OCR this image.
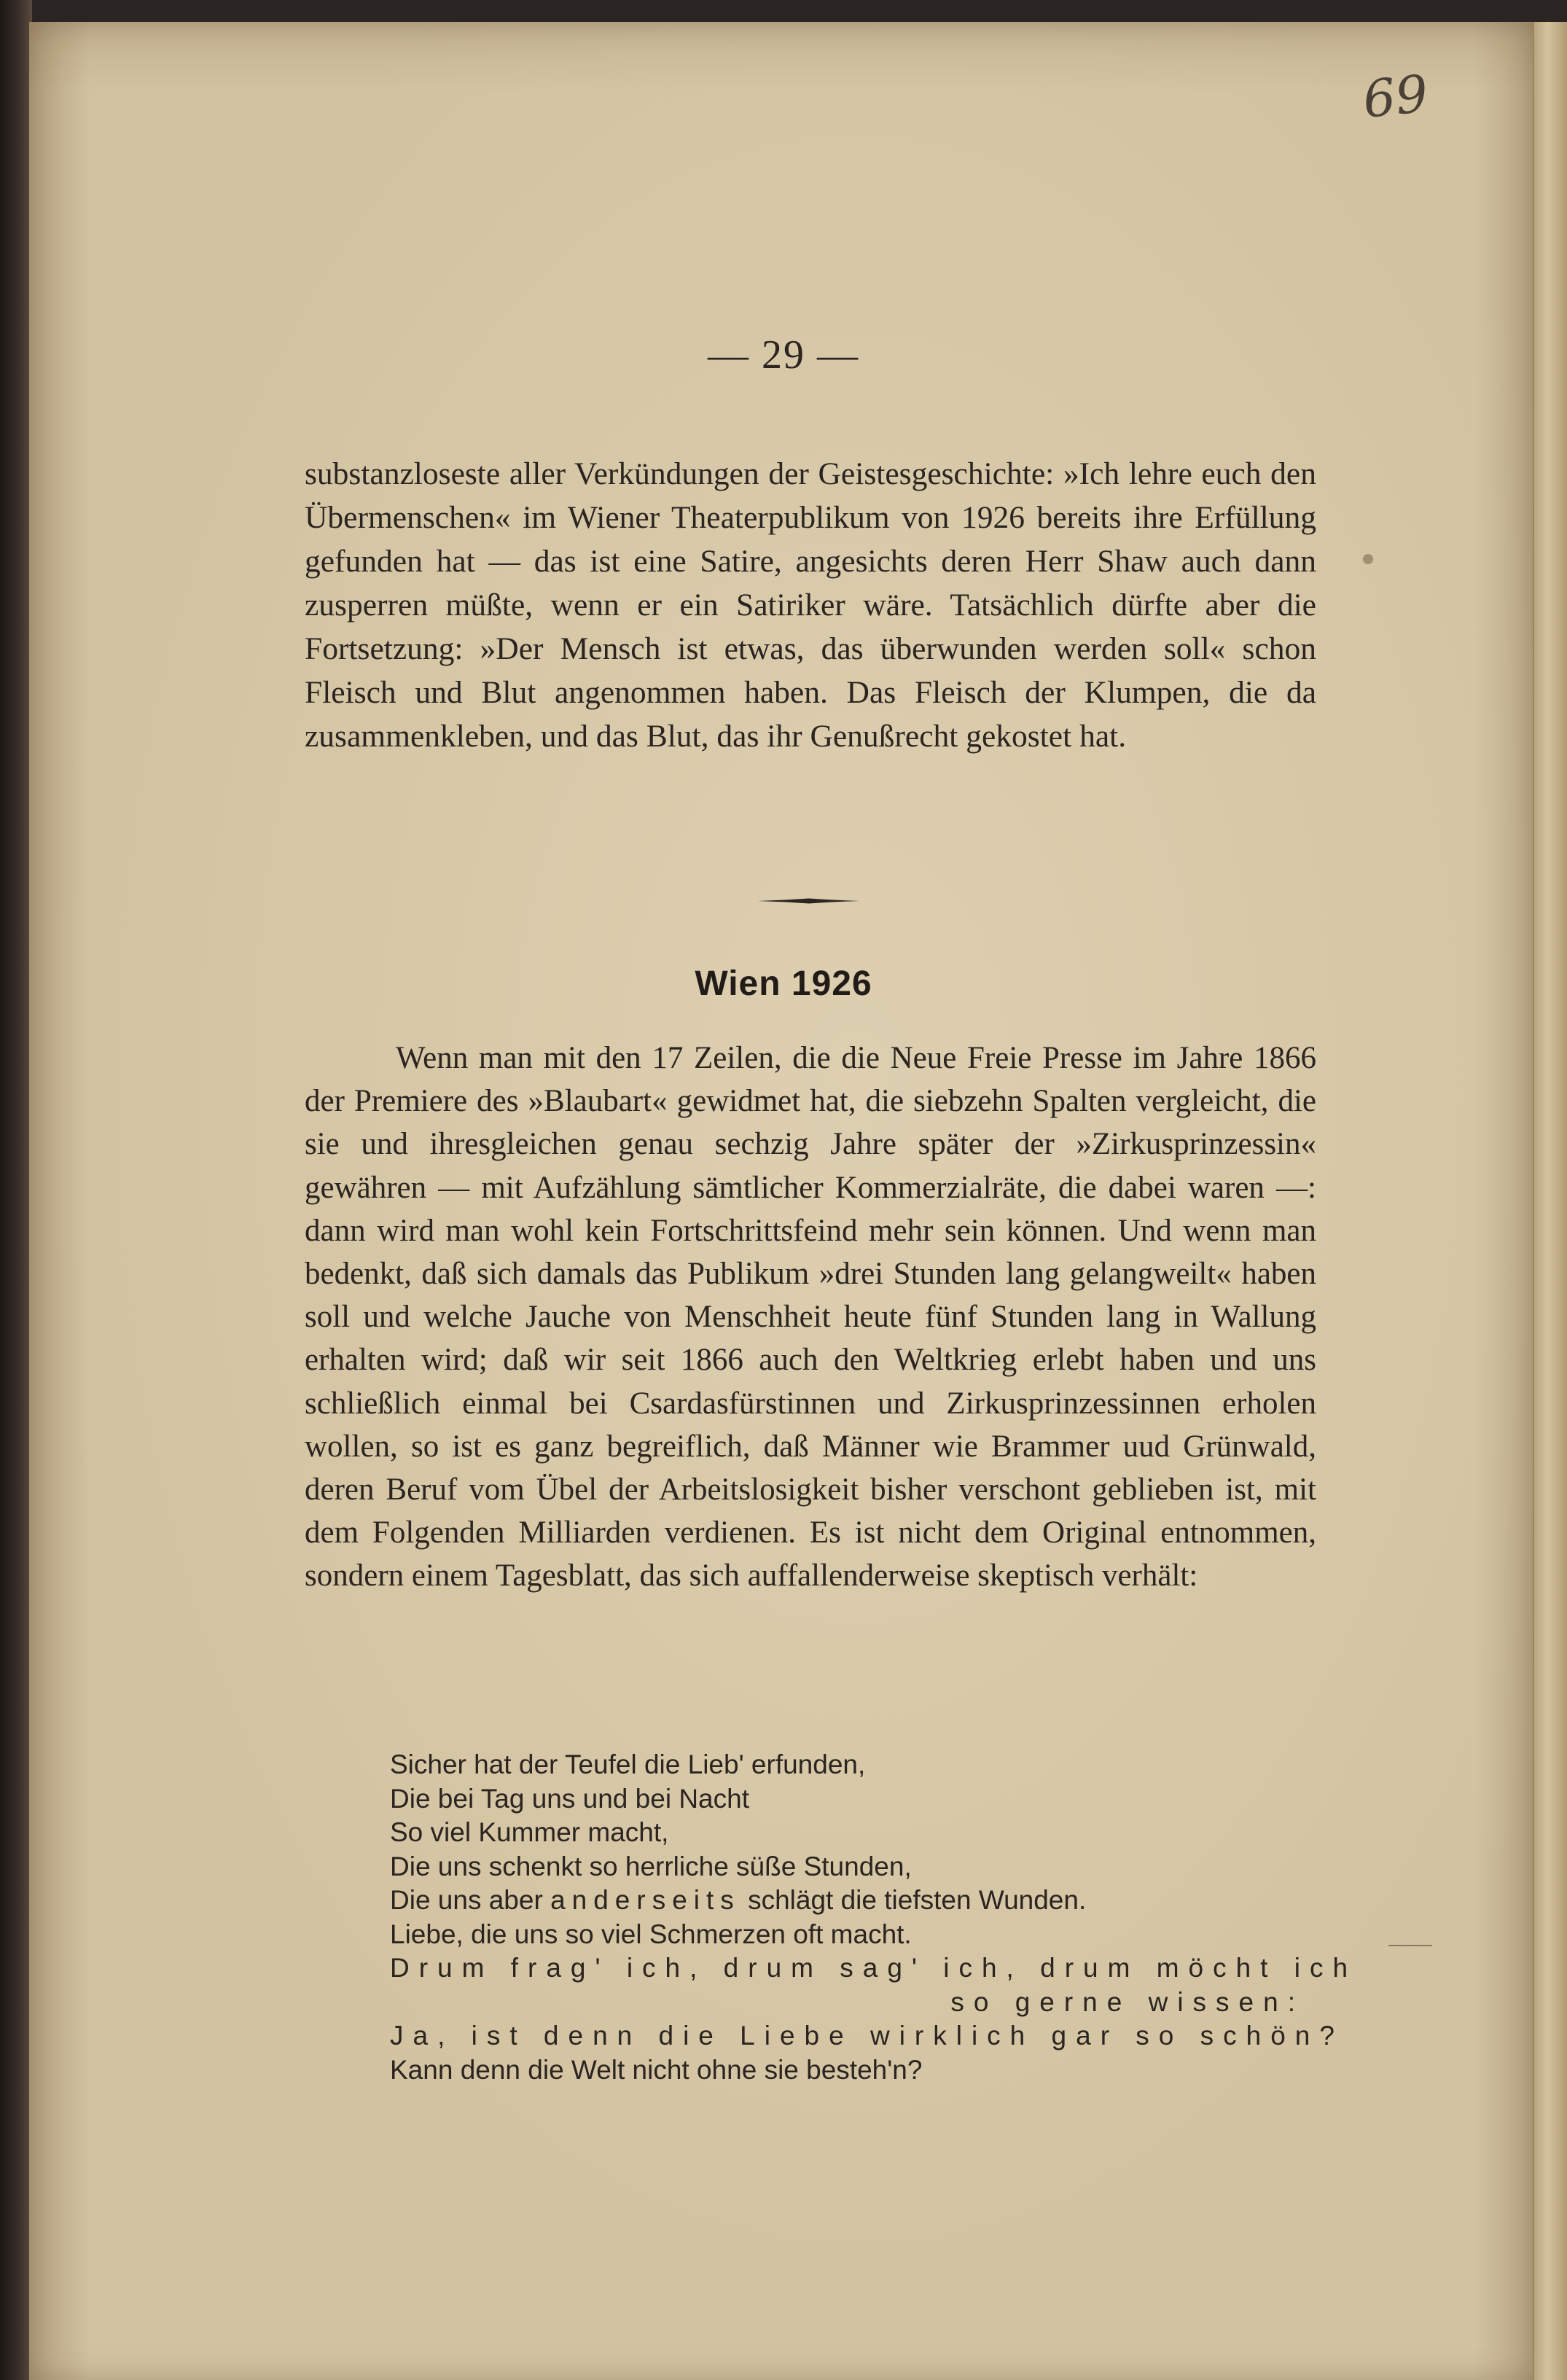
69
— 29 —
substanzloseste aller Verkündungen der Geistesgeschichte: »Ich lehre euch den Übermenschen« im Wiener Theaterpublikum von 1926 bereits ihre Erfüllung gefunden hat — das ist eine Satire, angesichts deren Herr Shaw auch dann zusperren müßte, wenn er ein Satiriker wäre. Tatsächlich dürfte aber die Fortsetzung: »Der Mensch ist etwas, das überwunden werden soll« schon Fleisch und Blut angenommen haben. Das Fleisch der Klumpen, die da zusammenkleben, und das Blut, das ihr Genußrecht gekostet hat.
Wien 1926
Wenn man mit den 17 Zeilen, die die Neue Freie Presse im Jahre 1866 der Premiere des »Blaubart« gewidmet hat, die siebzehn Spalten vergleicht, die sie und ihresgleichen genau sechzig Jahre später der »Zirkusprinzessin« gewähren — mit Aufzählung sämtlicher Kommerzialräte, die dabei waren —: dann wird man wohl kein Fortschrittsfeind mehr sein können. Und wenn man bedenkt, daß sich damals das Publikum »drei Stunden lang gelangweilt« haben soll und welche Jauche von Menschheit heute fünf Stunden lang in Wallung erhalten wird; daß wir seit 1866 auch den Weltkrieg erlebt haben und uns schließlich einmal bei Csardasfürstinnen und Zirkusprinzessinnen erholen wollen, so ist es ganz begreiflich, daß Männer wie Brammer uud Grünwald, deren Beruf vom Übel der Arbeitslosigkeit bisher verschont geblieben ist, mit dem Folgenden Milliarden verdienen. Es ist nicht dem Original entnommen, sondern einem Tagesblatt, das sich auffallenderweise skeptisch verhält:
Sicher hat der Teufel die Lieb' erfunden,
Die bei Tag uns und bei Nacht
So viel Kummer macht,
Die uns schenkt so herrliche süße Stunden,
Die uns aber anderseits schlägt die tiefsten Wunden.
Liebe, die uns so viel Schmerzen oft macht.
Drum frag' ich, drum sag' ich, drum möcht ich
so gerne wissen:
Ja, ist denn die Liebe wirklich gar so schön?
Kann denn die Welt nicht ohne sie besteh'n?
